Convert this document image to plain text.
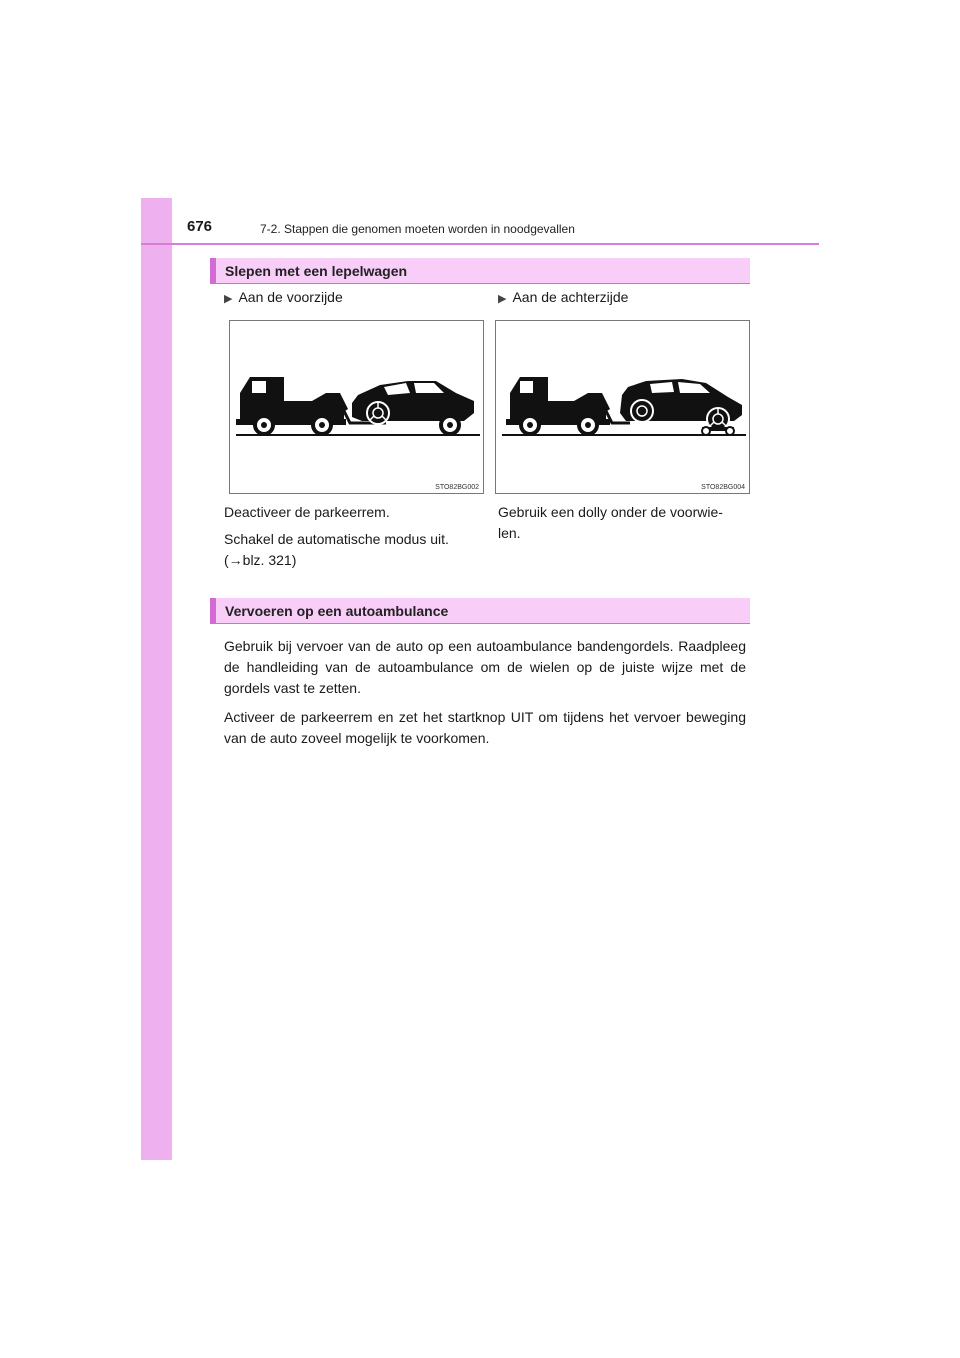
676	7-2. Stappen die genomen moeten worden in noodgevallen
Slepen met een lepelwagen
▶ Aan de voorzijde	▶ Aan de achterzijde
STO82BG002	STO82BG004

Deactiveer de parkeerrem.

Schakel de automatische modus uit.

(→blz. 321)

Gebruik een dolly onder de voorwie-

len.

Vervoeren op een autoambulance

Gebruik bij vervoer van de auto op een autoambulance bandengordels. Raadpleeg de handleiding van de autoambulance om de wielen op de juiste wijze met de gordels vast te zetten.

Activeer de parkeerrem en zet het startknop UIT om tijdens het vervoer beweging van de auto zoveel mogelijk te voorkomen.
